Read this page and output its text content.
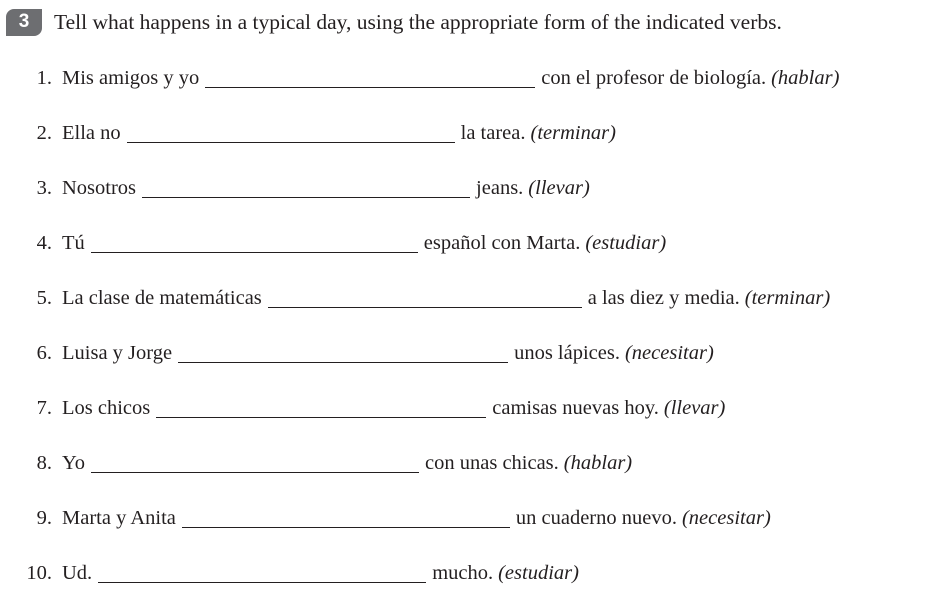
3	Tell what happens in a typical day, using the appropriate form of the indicated verbs.
1. Mis amigos y yo	con el profesor de biología. (hablar)
2. Ella no	la tarea. (terminar)
3. Nosotros	jeans. (llevar)
4. Tú	español con Marta. (estudiar)
5. La clase de matemáticas	a las diez y media. (terminar)
6. Luisa y Jorge	unos lápices. (necesitar)
7. Los chicos	camisas nuevas hoy. (llevar)
8. Yo	con unas chicas. (hablar)
9. Marta y Anita	un cuaderno nuevo. (necesitar)
10. Ud.	mucho. (estudiar)
